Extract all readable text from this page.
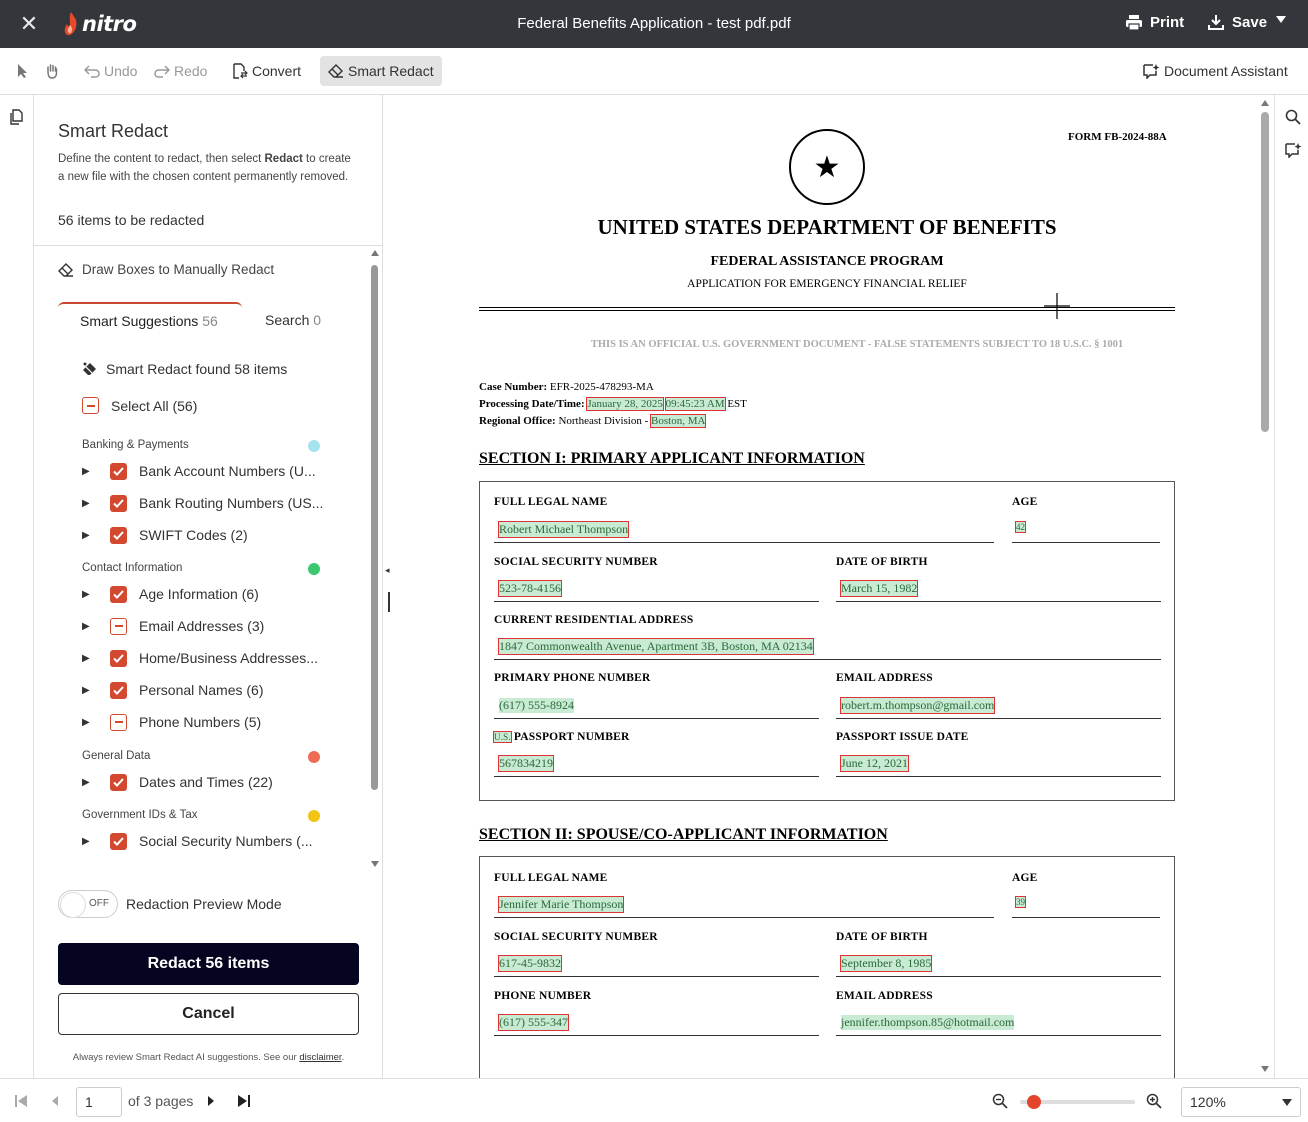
✕ nitro	Federal Benefits Application - test pdf.pdf	Print	Save
Undo	Redo	Convert	Smart Redact	Document Assistant
Smart Redact
Define the content to redact, then select Redact to create a new file with the chosen content permanently removed.
56 items to be redacted
Draw Boxes to Manually Redact
Smart Suggestions 56	Search 0
Smart Redact found 58 items
Select All (56)
Banking & Payments
▶	Bank Account Numbers (U...
▶	Bank Routing Numbers (US...
▶	SWIFT Codes (2)
Contact Information
▶	Age Information (6)
▶	Email Addresses (3)
▶	Home/Business Addresses...
▶	Personal Names (6)
▶	Phone Numbers (5)
General Data
▶	Dates and Times (22)
Government IDs & Tax
▶	Social Security Numbers (...
OFF Redaction Preview Mode
Redact 56 items
Cancel
Always review Smart Redact AI suggestions. See our disclaimer.
◂
FORM FB-2024-88A
★
UNITED STATES DEPARTMENT OF BENEFITS
FEDERAL ASSISTANCE PROGRAM
APPLICATION FOR EMERGENCY FINANCIAL RELIEF
THIS IS AN OFFICIAL U.S. GOVERNMENT DOCUMENT - FALSE STATEMENTS SUBJECT TO 18 U.S.C. § 1001
Case Number: EFR-2025-478293-MA
Processing Date/Time: January 28, 2025 09:45:23 AM EST
Regional Office: Northeast Division - Boston, MA
SECTION I: PRIMARY APPLICANT INFORMATION
FULL LEGAL NAME
Robert Michael Thompson
AGE
42
SOCIAL SECURITY NUMBER
523-78-4156
DATE OF BIRTH
March 15, 1982
CURRENT RESIDENTIAL ADDRESS
1847 Commonwealth Avenue, Apartment 3B, Boston, MA 02134
PRIMARY PHONE NUMBER
(617) 555-8924
EMAIL ADDRESS
robert.m.thompson@gmail.com
U.S. PASSPORT NUMBER
567834219
PASSPORT ISSUE DATE
June 12, 2021
SECTION II: SPOUSE/CO-APPLICANT INFORMATION
FULL LEGAL NAME
Jennifer Marie Thompson
AGE
39
SOCIAL SECURITY NUMBER
617-45-9832
DATE OF BIRTH
September 8, 1985
PHONE NUMBER
(617) 555-347
EMAIL ADDRESS
jennifer.thompson.85@hotmail.com
1	of 3 pages	120%
